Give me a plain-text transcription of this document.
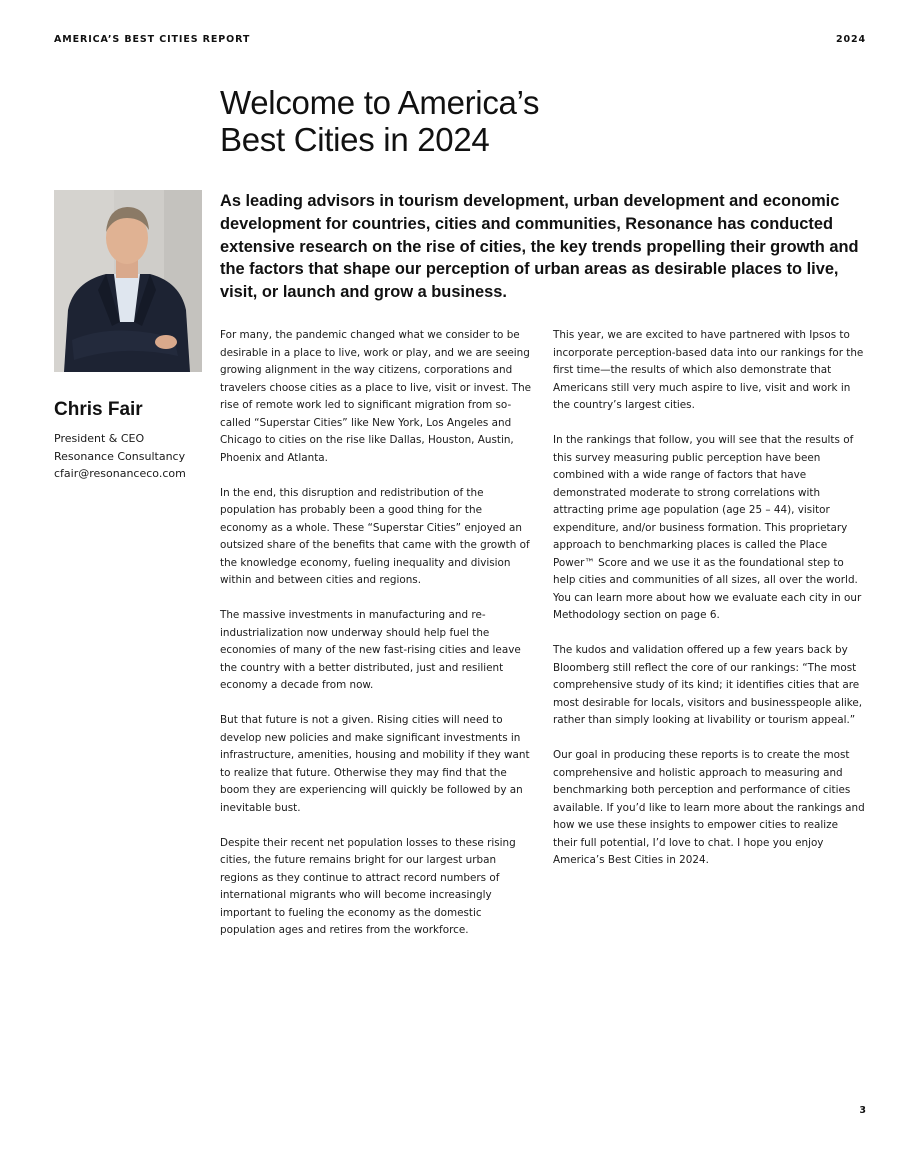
AMERICA’S BEST CITIES REPORT	2024
Welcome to America’s
Best Cities in 2024

As leading advisors in tourism development, urban development and economic development for countries, cities and communities, Resonance has conducted extensive research on the rise of cities, the key trends propelling their growth and the factors that shape our perception of urban areas as desirable places to live, visit, or launch and grow a business.

Chris Fair
President & CEO
Resonance Consultancy
cfair@resonanceco.com

For many, the pandemic changed what we consider to be desirable in a place to live, work or play, and we are seeing growing alignment in the way citizens, corporations and travelers choose cities as a place to live, visit or invest. The rise of remote work led to significant migration from so-called “Superstar Cities” like New York, Los Angeles and Chicago to cities on the rise like Dallas, Houston, Austin, Phoenix and Atlanta.

In the end, this disruption and redistribution of the population has probably been a good thing for the economy as a whole. These “Superstar Cities” enjoyed an outsized share of the benefits that came with the growth of the knowledge economy, fueling inequality and division within and between cities and regions.

The massive investments in manufacturing and re-industrialization now underway should help fuel the economies of many of the new fast-rising cities and leave the country with a better distributed, just and resilient economy a decade from now.

But that future is not a given. Rising cities will need to develop new policies and make significant investments in infrastructure, amenities, housing and mobility if they want to realize that future. Otherwise they may find that the boom they are experiencing will quickly be followed by an inevitable bust.

Despite their recent net population losses to these rising cities, the future remains bright for our largest urban regions as they continue to attract record numbers of international migrants who will become increasingly important to fueling the economy as the domestic population ages and retires from the workforce.

This year, we are excited to have partnered with Ipsos to incorporate perception-based data into our rankings for the first time—the results of which also demonstrate that Americans still very much aspire to live, visit and work in the country’s largest cities.

In the rankings that follow, you will see that the results of this survey measuring public perception have been combined with a wide range of factors that have demonstrated moderate to strong correlations with attracting prime age population (age 25 – 44), visitor expenditure, and/or business formation. This proprietary approach to benchmarking places is called the Place Power™ Score and we use it as the foundational step to help cities and communities of all sizes, all over the world. You can learn more about how we evaluate each city in our Methodology section on page 6.

The kudos and validation offered up a few years back by Bloomberg still reflect the core of our rankings: “The most comprehensive study of its kind; it identifies cities that are most desirable for locals, visitors and businesspeople alike, rather than simply looking at livability or tourism appeal.”

Our goal in producing these reports is to create the most comprehensive and holistic approach to measuring and benchmarking both perception and performance of cities available. If you’d like to learn more about the rankings and how we use these insights to empower cities to realize their full potential, I’d love to chat. I hope you enjoy America’s Best Cities in 2024.

3
